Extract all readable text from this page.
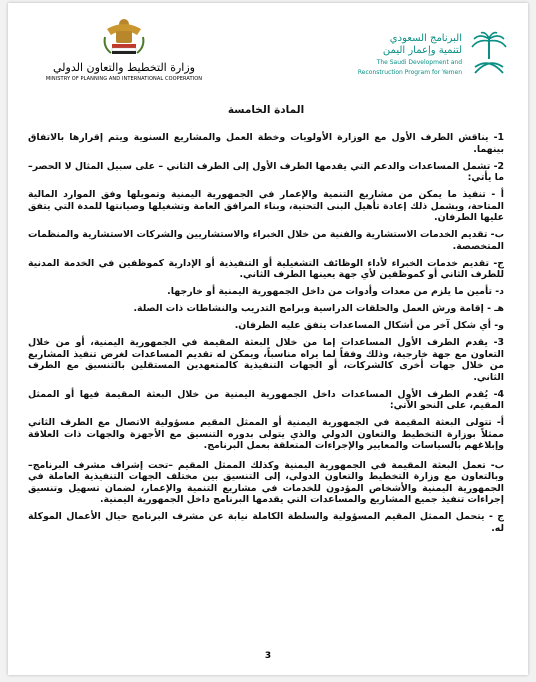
وزارة التخطيط والتعاون الدولي
MINISTRY OF PLANNING AND INTERNATIONAL COOPERATION
البرنامج السعودي
لتنمية وإعمار اليمن
The Saudi Development and
Reconstruction Program for Yemen
المادة الخامسة

1- يناقش الطرف الأول مع الوزارة الأولويات وخطة العمل والمشاريع السنوية ويتم إقرارها بالاتفاق بينهما.

2- تشمل المساعدات والدعم التي يقدمها الطرف الأول إلى الطرف الثاني – على سبيل المثال لا الحصر–ما يأتي:

أ - تنفيذ ما يمكن من مشاريع التنمية والإعمار في الجمهورية اليمنية وتمويلها وفق الموارد المالية المتاحة، ويشمل ذلك إعادة تأهيل البنى التحتية، وبناء المرافق العامة وتشغيلها وصيانتها للمدة التي يتفق عليها الطرفان.

ب- تقديم الخدمات الاستشارية والفنية من خلال الخبراء والاستشاريين والشركات الاستشارية والمنظمات المتخصصة.

ج- تقديم خدمات الخبراء لأداء الوظائف التشغيلية أو التنفيذية أو الإدارية كموظفين في الخدمة المدنية للطرف الثاني أو كموظفين لأي جهة يعينها الطرف الثاني.

د- تأمين ما يلزم من معدات وأدوات من داخل الجمهورية اليمنية أو خارجها.

هـ - إقامة ورش العمل والحلقات الدراسية وبرامج التدريب والنشاطات ذات الصلة.

و- أي شكل آخر من أشكال المساعدات يتفق عليه الطرفان.

3- يقدم الطرف الأول المساعدات إما من خلال البعثة المقيمة في الجمهورية اليمنية، أو من خلال التعاون مع جهة خارجية، وذلك وفقاً لما يراه مناسباً، ويمكن له تقديم المساعدات لغرض تنفيذ المشاريع من خلال جهات أخرى كالشركات، أو الجهات التنفيذية كالمتعهدين المستقلين بالتنسيق مع الطرف الثاني.

4- يُقدم الطرف الأول المساعدات داخل الجمهورية اليمنية من خلال البعثة المقيمة فيها أو الممثل المقيم، على النحو الآتي:

أ- تتولى البعثة المقيمة في الجمهورية اليمنية أو الممثل المقيم مسؤولية الاتصال مع الطرف الثاني ممثلاً بوزارة التخطيط والتعاون الدولي والذي يتولى بدوره التنسيق مع الأجهزة والجهات ذات العلاقة وإبلاغهم بالسياسات والمعايير والإجراءات المتعلقة بعمل البرنامج.

ب- تعمل البعثة المقيمة في الجمهورية اليمنية وكذلك الممثل المقيم –تحت إشراف مشرف البرنامج– وبالتعاون مع وزارة التخطيط والتعاون الدولي، إلى التنسيق بين مختلف الجهات التنفيذية العاملة في الجمهورية اليمنية والأشخاص المؤدون للخدمات في مشاريع التنمية والإعمار، لضمان تسهيل وتنسيق إجراءات تنفيذ جميع المشاريع والمساعدات التي يقدمها البرنامج داخل الجمهورية اليمنية.

ج - يتحمل الممثل المقيم المسؤولية والسلطة الكاملة نيابة عن مشرف البرنامج حيال الأعمال الموكلة له.

3
